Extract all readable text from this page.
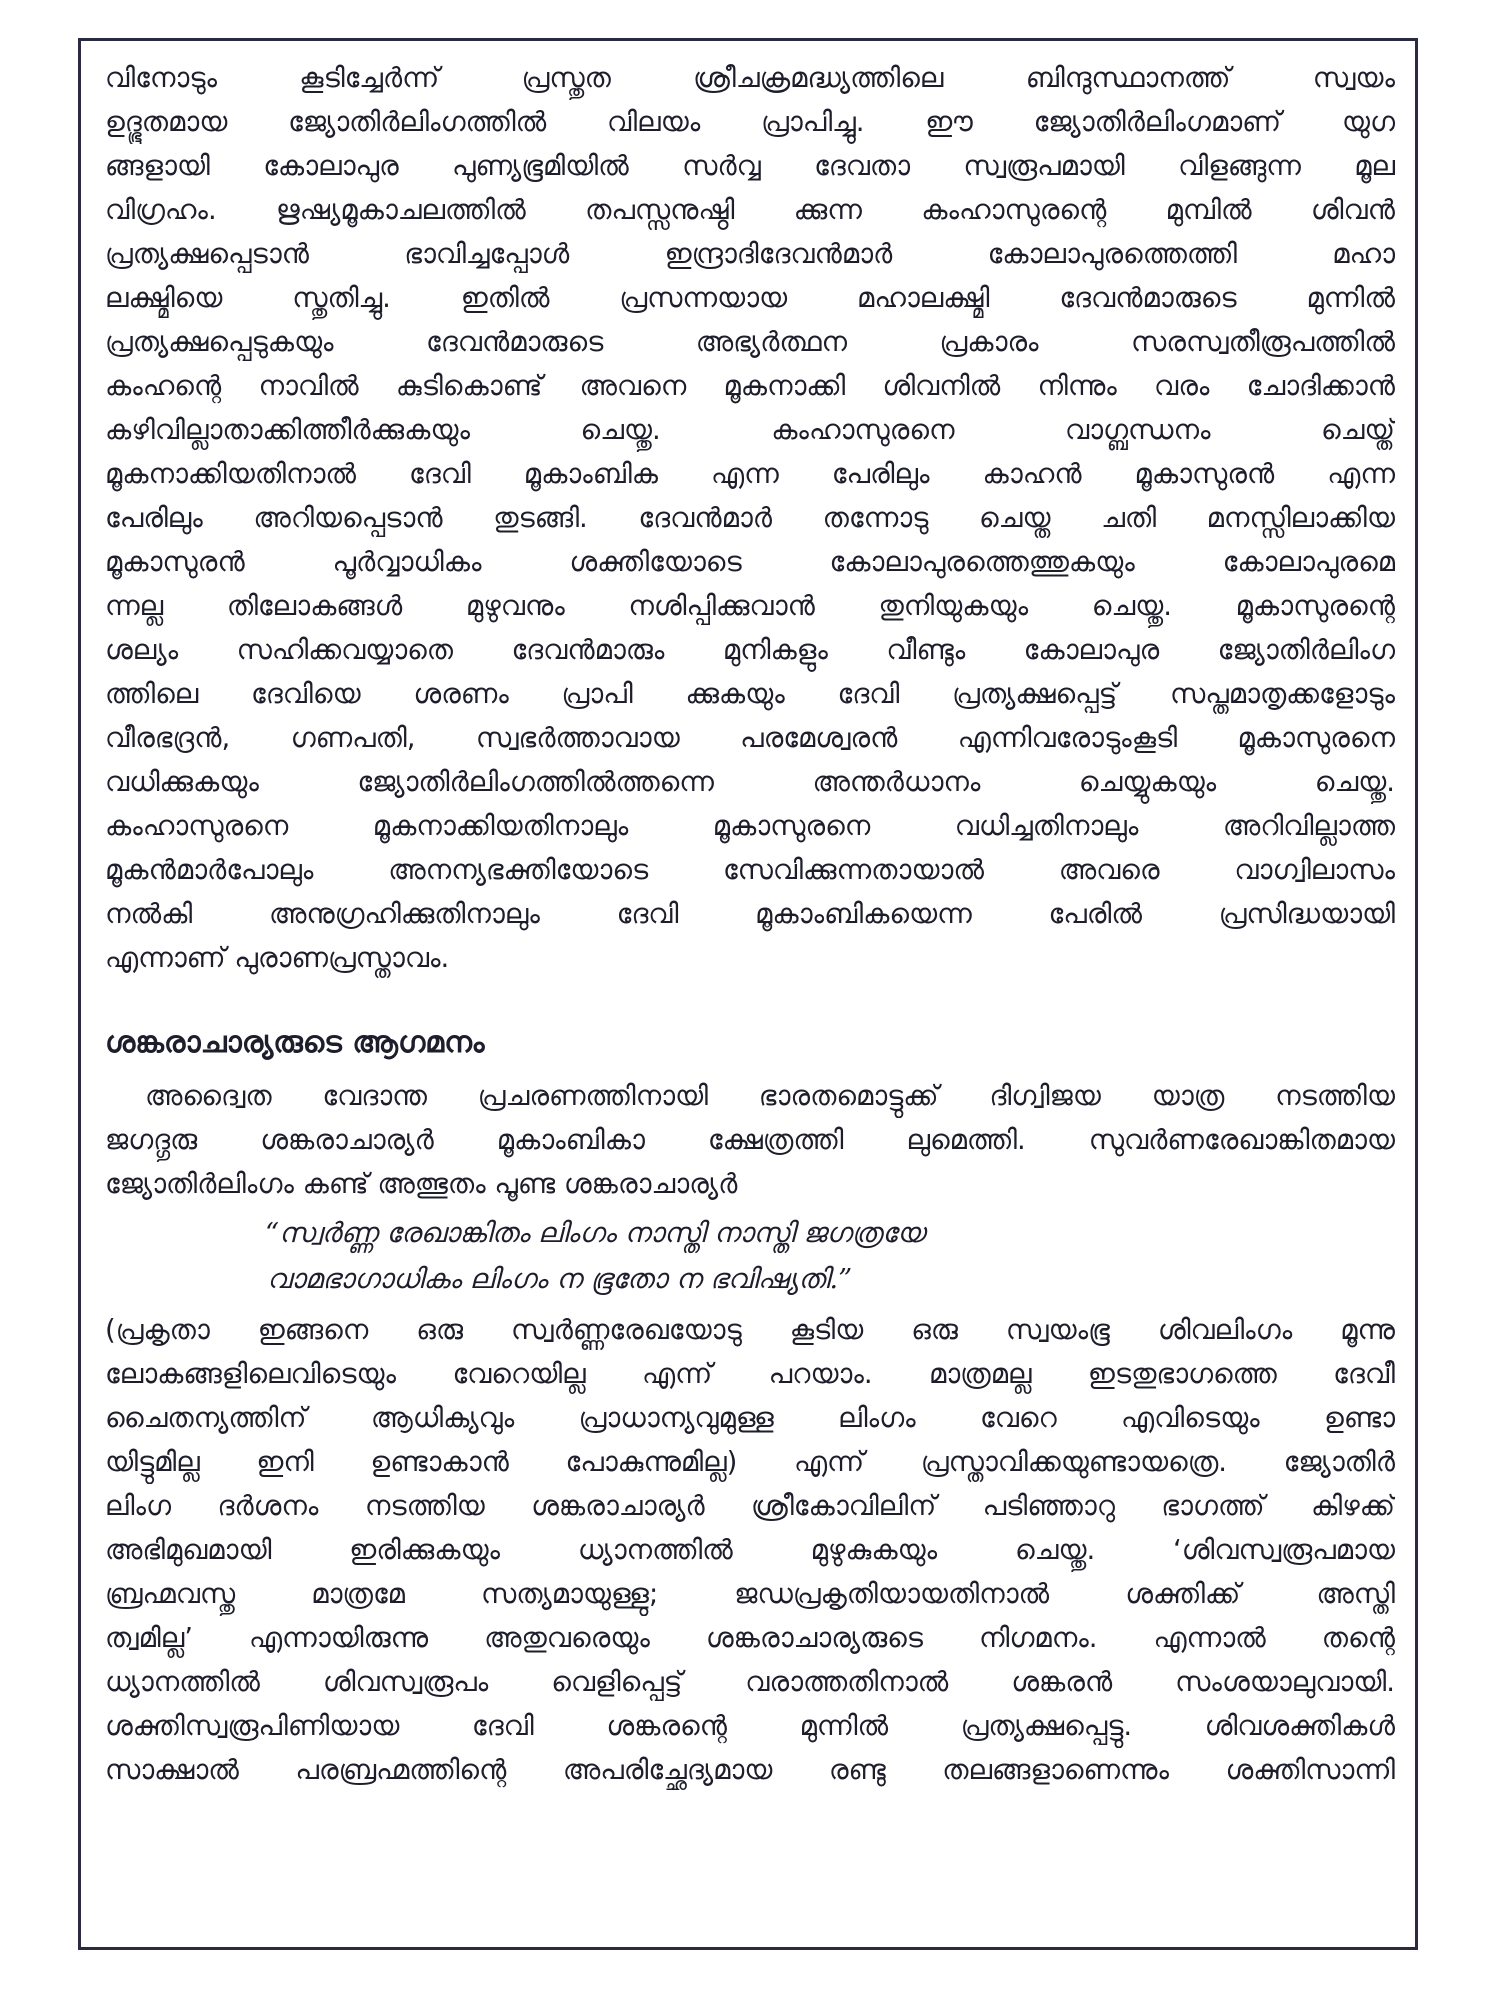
വിനോടും കൂടിച്ചേർന്ന് പ്രസ്തുത ശ്രീചക്രമദ്ധ്യത്തിലെ ബിന്ദുസ്ഥാനത്ത് സ്വയം
ഉദ്ഭൂതമായ ജ്യോതിർലിംഗത്തിൽ വിലയം പ്രാപിച്ചു. ഈ ജ്യോതിർലിംഗമാണ് യുഗ
ങ്ങളായി കോലാപുര പുണ്യഭൂമിയിൽ സർവ്വ ദേവതാ സ്വരൂപമായി വിളങ്ങുന്ന മൂല
വിഗ്രഹം. ഋഷ്യമൂകാചലത്തിൽ തപസ്സനുഷ്ഠി ക്കുന്ന കംഹാസുരന്റെ മുമ്പിൽ ശിവൻ
പ്രത്യക്ഷപ്പെടാൻ ഭാവിച്ചപ്പോൾ ഇന്ദ്രാദിദേവൻമാർ കോലാപുരത്തെത്തി മഹാ
ലക്ഷ്മിയെ സ്തുതിച്ചു. ഇതിൽ പ്രസന്നയായ മഹാലക്ഷ്മി ദേവൻമാരുടെ മുന്നിൽ
പ്രത്യക്ഷപ്പെടുകയും ദേവൻമാരുടെ അഭ്യർത്ഥന പ്രകാരം സരസ്വതീരൂപത്തിൽ
കംഹന്റെ നാവിൽ കുടികൊണ്ട് അവനെ മൂകനാക്കി ശിവനിൽ നിന്നും വരം ചോദിക്കാൻ
കഴിവില്ലാതാക്കിത്തീർക്കുകയും ചെയ്തു. കംഹാസുരനെ വാഗ്ബന്ധനം ചെയ്ത്
മൂകനാക്കിയതിനാൽ ദേവി മൂകാംബിക എന്ന പേരിലും കാഹൻ മൂകാസുരൻ എന്ന
പേരിലും അറിയപ്പെടാൻ തുടങ്ങി. ദേവൻമാർ തന്നോടു ചെയ്ത ചതി മനസ്സിലാക്കിയ
മൂകാസുരൻ പൂർവ്വാധികം ശക്തിയോടെ കോലാപുരത്തെത്തുകയും കോലാപുരമെ
ന്നല്ല തിലോകങ്ങൾ മുഴുവനും നശിപ്പിക്കുവാൻ തുനിയുകയും ചെയ്തു. മൂകാസുരന്റെ
ശല്യം സഹിക്കവയ്യാതെ ദേവൻമാരും മുനികളും വീണ്ടും കോലാപുര ജ്യോതിർലിംഗ
ത്തിലെ ദേവിയെ ശരണം പ്രാപി ക്കുകയും ദേവി പ്രത്യക്ഷപ്പെട്ട് സപ്തമാതൃക്കളോടും
വീരഭദ്രൻ, ഗണപതി, സ്വഭർത്താവായ പരമേശ്വരൻ എന്നിവരോടുംകൂടി മൂകാസുരനെ
വധിക്കുകയും ജ്യോതിർലിംഗത്തിൽത്തന്നെ അന്തർധാനം ചെയ്യുകയും ചെയ്തു.
കംഹാസുരനെ മൂകനാക്കിയതിനാലും മൂകാസുരനെ വധിച്ചതിനാലും അറിവില്ലാത്ത
മൂകൻമാർപോലും അനന്യഭക്തിയോടെ സേവിക്കുന്നതായാൽ അവരെ വാഗ്വിലാസം
നൽകി അനുഗ്രഹിക്കുതിനാലും ദേവി മൂകാംബികയെന്ന പേരിൽ പ്രസിദ്ധയായി
എന്നാണ് പുരാണപ്രസ്താവം.

ശങ്കരാചാര്യരുടെ ആഗമനം

അദ്വൈത വേദാന്ത പ്രചരണത്തിനായി ഭാരതമൊട്ടുക്ക് ദിഗ്വിജയ യാത്ര നടത്തിയ
ജഗദ്ഗുരു ശങ്കരാചാര്യർ മൂകാംബികാ ക്ഷേത്രത്തി ലുമെത്തി. സുവർണരേഖാങ്കിതമായ
ജ്യോതിർലിംഗം കണ്ട് അത്ഭുതം പൂണ്ട ശങ്കരാചാര്യർ

“സ്വർണ്ണ രേഖാങ്കിതം ലിംഗം നാസ്തി നാസ്തി ജഗത്രയേ
വാമഭാഗാധികം ലിംഗം ന ഭൂതോ ന ഭവിഷ്യതി.”

(പ്രകൃതാ ഇങ്ങനെ ഒരു സ്വർണ്ണരേഖയോടു കൂടിയ ഒരു സ്വയംഭൂ ശിവലിംഗം മൂന്നു
ലോകങ്ങളിലെവിടെയും വേറെയില്ല എന്ന് പറയാം. മാത്രമല്ല ഇടതുഭാഗത്തെ ദേവീ
ചൈതന്യത്തിന് ആധിക്യവും പ്രാധാന്യവുമുള്ള ലിംഗം വേറെ എവിടെയും ഉണ്ടാ
യിട്ടുമില്ല ഇനി ഉണ്ടാകാൻ പോകുന്നുമില്ല) എന്ന് പ്രസ്താവിക്കയുണ്ടായത്രെ. ജ്യോതിർ
ലിംഗ ദർശനം നടത്തിയ ശങ്കരാചാര്യർ ശ്രീകോവിലിന് പടിഞ്ഞാറു ഭാഗത്ത് കിഴക്ക്
അഭിമുഖമായി ഇരിക്കുകയും ധ്യാനത്തിൽ മുഴുകുകയും ചെയ്തു. ‘ശിവസ്വരൂപമായ
ബ്രഹ്മവസ്തു മാത്രമേ സത്യമായുള്ളു; ജഡപ്രകൃതിയായതിനാൽ ശക്തിക്ക് അസ്തി
ത്വമില്ല’ എന്നായിരുന്നു അതുവരെയും ശങ്കരാചാര്യരുടെ നിഗമനം. എന്നാൽ തന്റെ
ധ്യാനത്തിൽ ശിവസ്വരൂപം വെളിപ്പെട്ട് വരാത്തതിനാൽ ശങ്കരൻ സംശയാലുവായി.
ശക്തിസ്വരൂപിണിയായ ദേവി ശങ്കരന്റെ മുന്നിൽ പ്രത്യക്ഷപ്പെട്ടു. ശിവശക്തികൾ
സാക്ഷാൽ പരബ്രഹ്മത്തിന്റെ അപരിച്ഛേദ്യമായ രണ്ടു തലങ്ങളാണെന്നും ശക്തിസാന്നി
